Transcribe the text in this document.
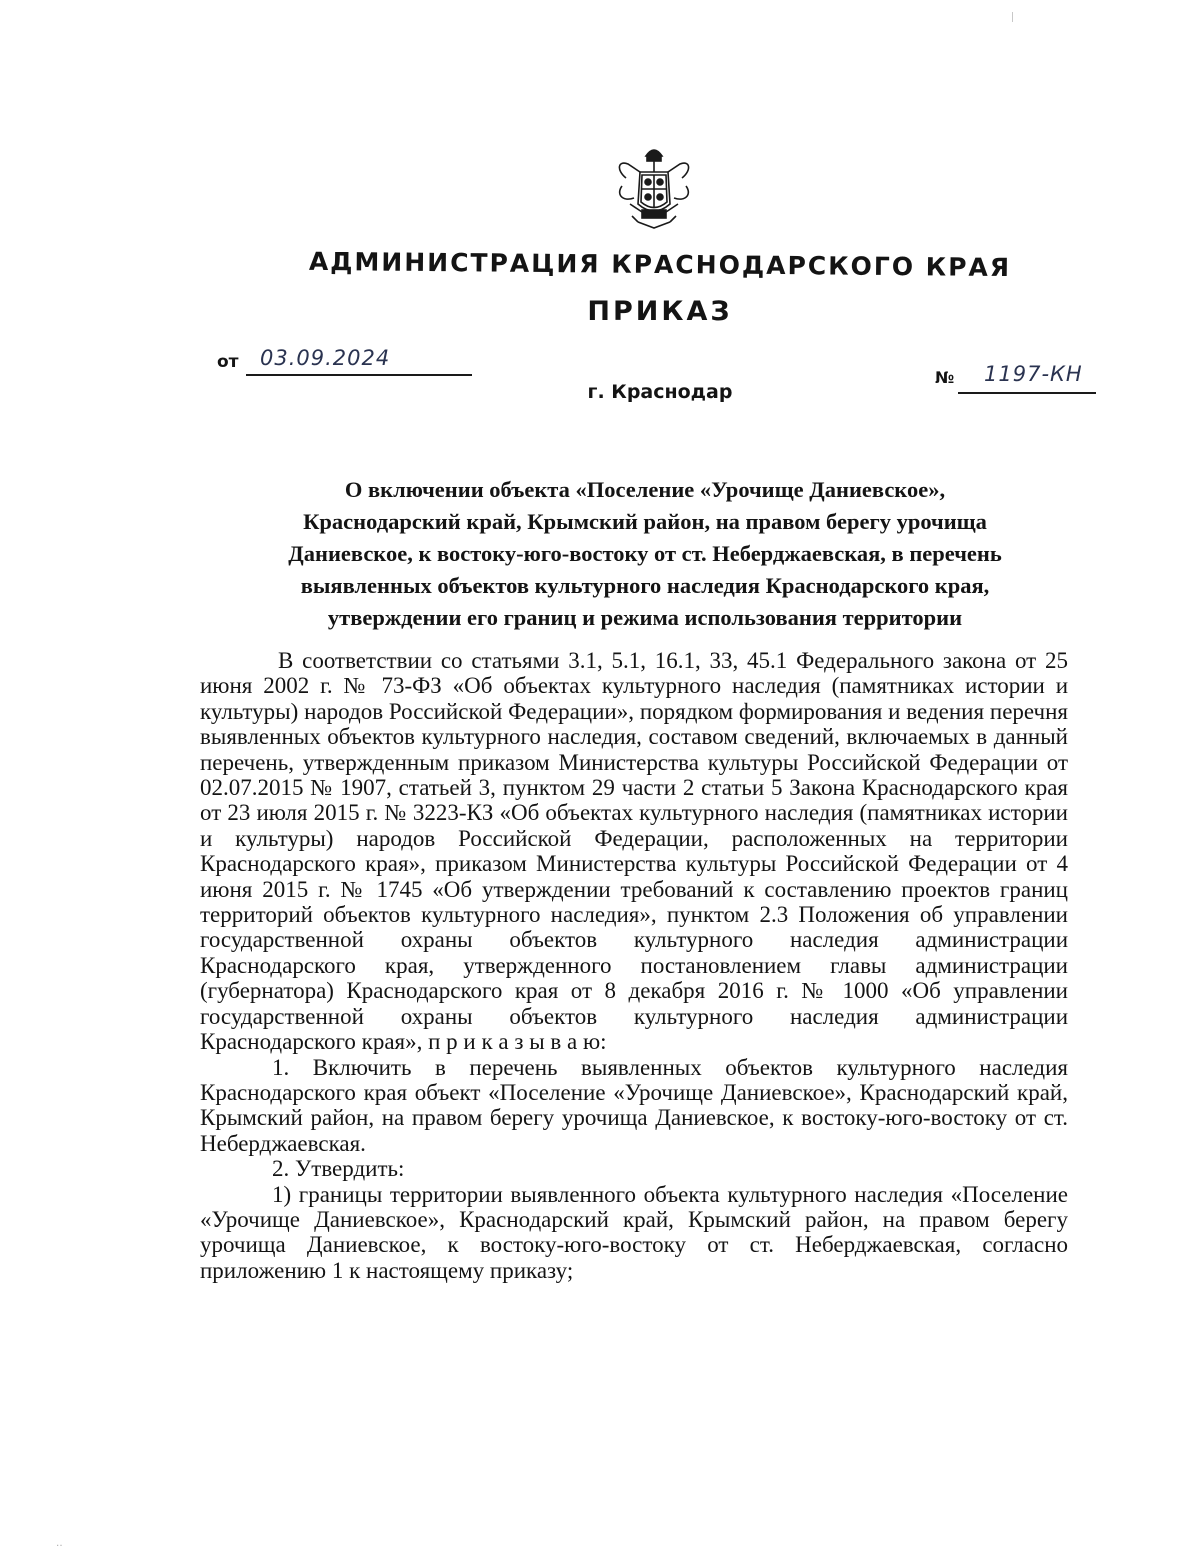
АДМИНИСТРАЦИЯ КРАСНОДАРСКОГО КРАЯ
ПРИКАЗ
от 03.09.2024
г. Краснодар
№ 1197-КН
О включении объекта «Поселение «Урочище Даниевское»,
Краснодарский край, Крымский район, на правом берегу урочища
Даниевское, к востоку-юго-востоку от ст. Неберджаевская, в перечень
выявленных объектов культурного наследия Краснодарского края,
утверждении его границ и режима использования территории

В соответствии со статьями 3.1, 5.1, 16.1, 33, 45.1 Федерального закона от 25 июня 2002 г. № 73-ФЗ «Об объектах культурного наследия (памятниках истории и культуры) народов Российской Федерации», порядком формирования и ведения перечня выявленных объектов культурного наследия, составом сведений, включаемых в данный перечень, утвержденным приказом Министерства культуры Российской Федерации от 02.07.2015 № 1907, статьей 3, пунктом 29 части 2 статьи 5 Закона Краснодарского края от 23 июля 2015 г. № 3223-КЗ «Об объектах культурного наследия (памятниках истории и культуры) народов Российской Федерации, расположенных на территории Краснодарского края», приказом Министерства культуры Российской Федерации от 4 июня 2015 г. № 1745 «Об утверждении требований к составлению проектов границ территорий объектов культурного наследия», пунктом 2.3 Положения об управлении государственной охраны объектов культурного наследия администрации Краснодарского края, утвержденного постановлением главы администрации (губернатора) Краснодарского края от 8 декабря 2016 г. № 1000 «Об управлении государственной охраны объектов культурного наследия администрации Краснодарского края», п р и к а з ы в а ю:

1. Включить в перечень выявленных объектов культурного наследия Краснодарского края объект «Поселение «Урочище Даниевское», Краснодарский край, Крымский район, на правом берегу урочища Даниевское, к востоку-юго-востоку от ст. Неберджаевская.

2. Утвердить:

1) границы территории выявленного объекта культурного наследия «Поселение «Урочище Даниевское», Краснодарский край, Крымский район, на правом берегу урочища Даниевское, к востоку-юго-востоку от ст. Неберджаевская, согласно приложению 1 к настоящему приказу;

‥
